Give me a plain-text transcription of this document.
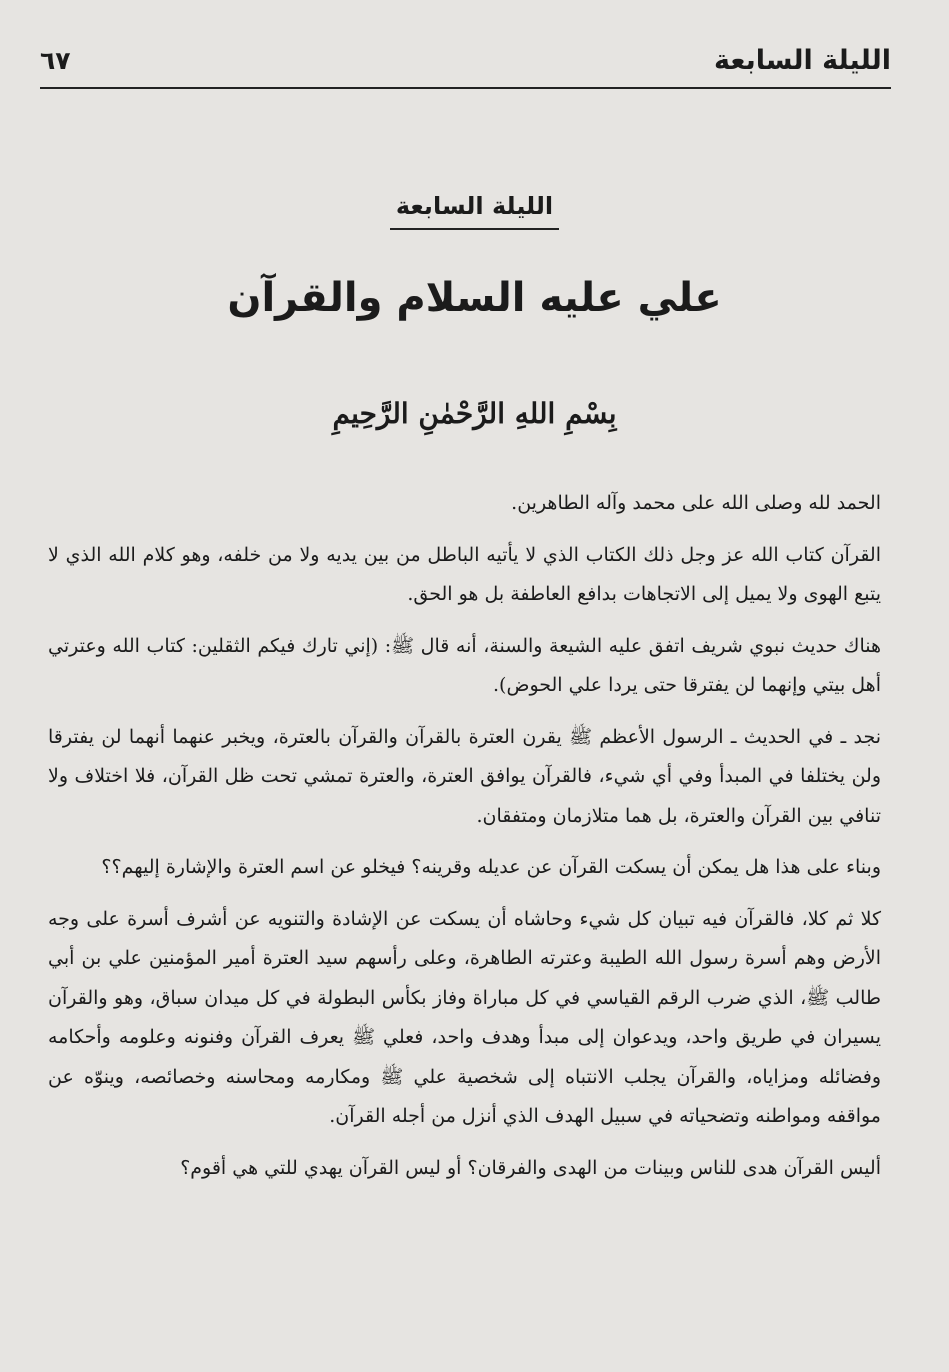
الليلة السابعة
٦٧
الليلة السابعة
علي عليه السلام والقرآن
بِسْمِ اللهِ الرَّحْمٰنِ الرَّحِيمِ

الحمد لله وصلى الله على محمد وآله الطاهرين.

القرآن كتاب الله عز وجل ذلك الكتاب الذي لا يأتيه الباطل من بين يديه ولا من خلفه، وهو كلام الله الذي لا يتبع الهوى ولا يميل إلى الاتجاهات بدافع العاطفة بل هو الحق.

هناك حديث نبوي شريف اتفق عليه الشيعة والسنة، أنه قال ﷺ: (إني تارك فيكم الثقلين: كتاب الله وعترتي أهل بيتي وإنهما لن يفترقا حتى يردا علي الحوض).

نجد ـ في الحديث ـ الرسول الأعظم ﷺ يقرن العترة بالقرآن والقرآن بالعترة، ويخبر عنهما أنهما لن يفترقا ولن يختلفا في المبدأ وفي أي شيء، فالقرآن يوافق العترة، والعترة تمشي تحت ظل القرآن، فلا اختلاف ولا تنافي بين القرآن والعترة، بل هما متلازمان ومتفقان.

وبناء على هذا هل يمكن أن يسكت القرآن عن عديله وقرينه؟ فيخلو عن اسم العترة والإشارة إليهم؟؟

كلا ثم كلا، فالقرآن فيه تبيان كل شيء وحاشاه أن يسكت عن الإشادة والتنويه عن أشرف أسرة على وجه الأرض وهم أسرة رسول الله الطيبة وعترته الطاهرة، وعلى رأسهم سيد العترة أمير المؤمنين علي بن أبي طالب ﷺ، الذي ضرب الرقم القياسي في كل مباراة وفاز بكأس البطولة في كل ميدان سباق، وهو والقرآن يسيران في طريق واحد، ويدعوان إلى مبدأ وهدف واحد، فعلي ﷺ يعرف القرآن وفنونه وعلومه وأحكامه وفضائله ومزاياه، والقرآن يجلب الانتباه إلى شخصية علي ﷺ ومكارمه ومحاسنه وخصائصه، وينوّه عن مواقفه ومواطنه وتضحياته في سبيل الهدف الذي أنزل من أجله القرآن.

أليس القرآن هدى للناس وبينات من الهدى والفرقان؟ أو ليس القرآن يهدي للتي هي أقوم؟
